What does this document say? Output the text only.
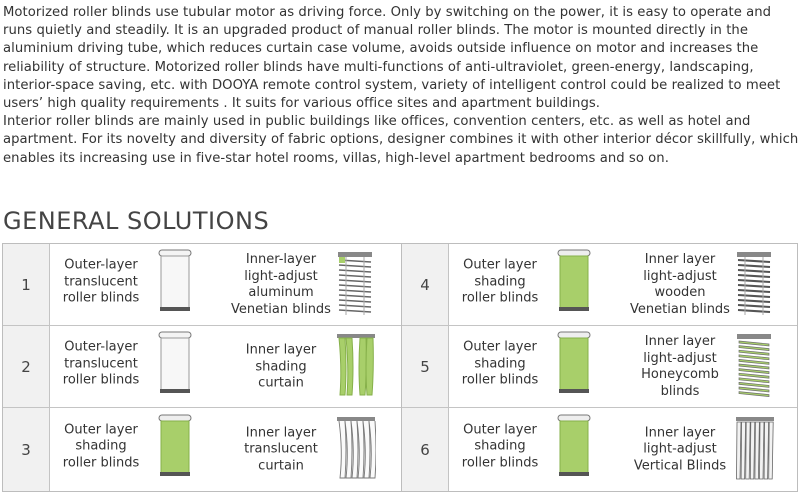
Motorized roller blinds use tubular motor as driving force. Only by switching on the power, it is easy to operate and runs quietly and steadily. It is an upgraded product of manual roller blinds. The motor is mounted directly in the aluminium driving tube, which reduces curtain case volume, avoids outside influence on motor and increases the reliability of structure. Motorized roller blinds have multi-functions of anti-ultraviolet, green-energy, landscaping, interior-space saving, etc. with DOOYA remote control system, variety of intelligent control could be realized to meet users’ high quality requirements . It suits for various office sites and apartment buildings.

Interior roller blinds are mainly used in public buildings like offices, convention centers, etc. as well as hotel and apartment. For its novelty and diversity of fabric options, designer combines it with other interior décor skillfully, which enables its increasing use in five-star hotel rooms, villas, high-level apartment bedrooms and so on.

GENERAL SOLUTIONS
1
Outer-layer
translucent
roller blinds
Inner-layer
light-adjust
aluminum
Venetian blinds
2
Outer-layer
translucent
roller blinds
Inner layer
shading
curtain
3
Outer layer
shading
roller blinds
Inner layer
translucent
curtain
4
Outer layer
shading
roller blinds
Inner layer
light-adjust
wooden
Venetian blinds
5
Outer layer
shading
roller blinds
Inner layer
light-adjust
Honeycomb
blinds
6
Outer layer
shading
roller blinds
Inner layer
light-adjust
Vertical Blinds
